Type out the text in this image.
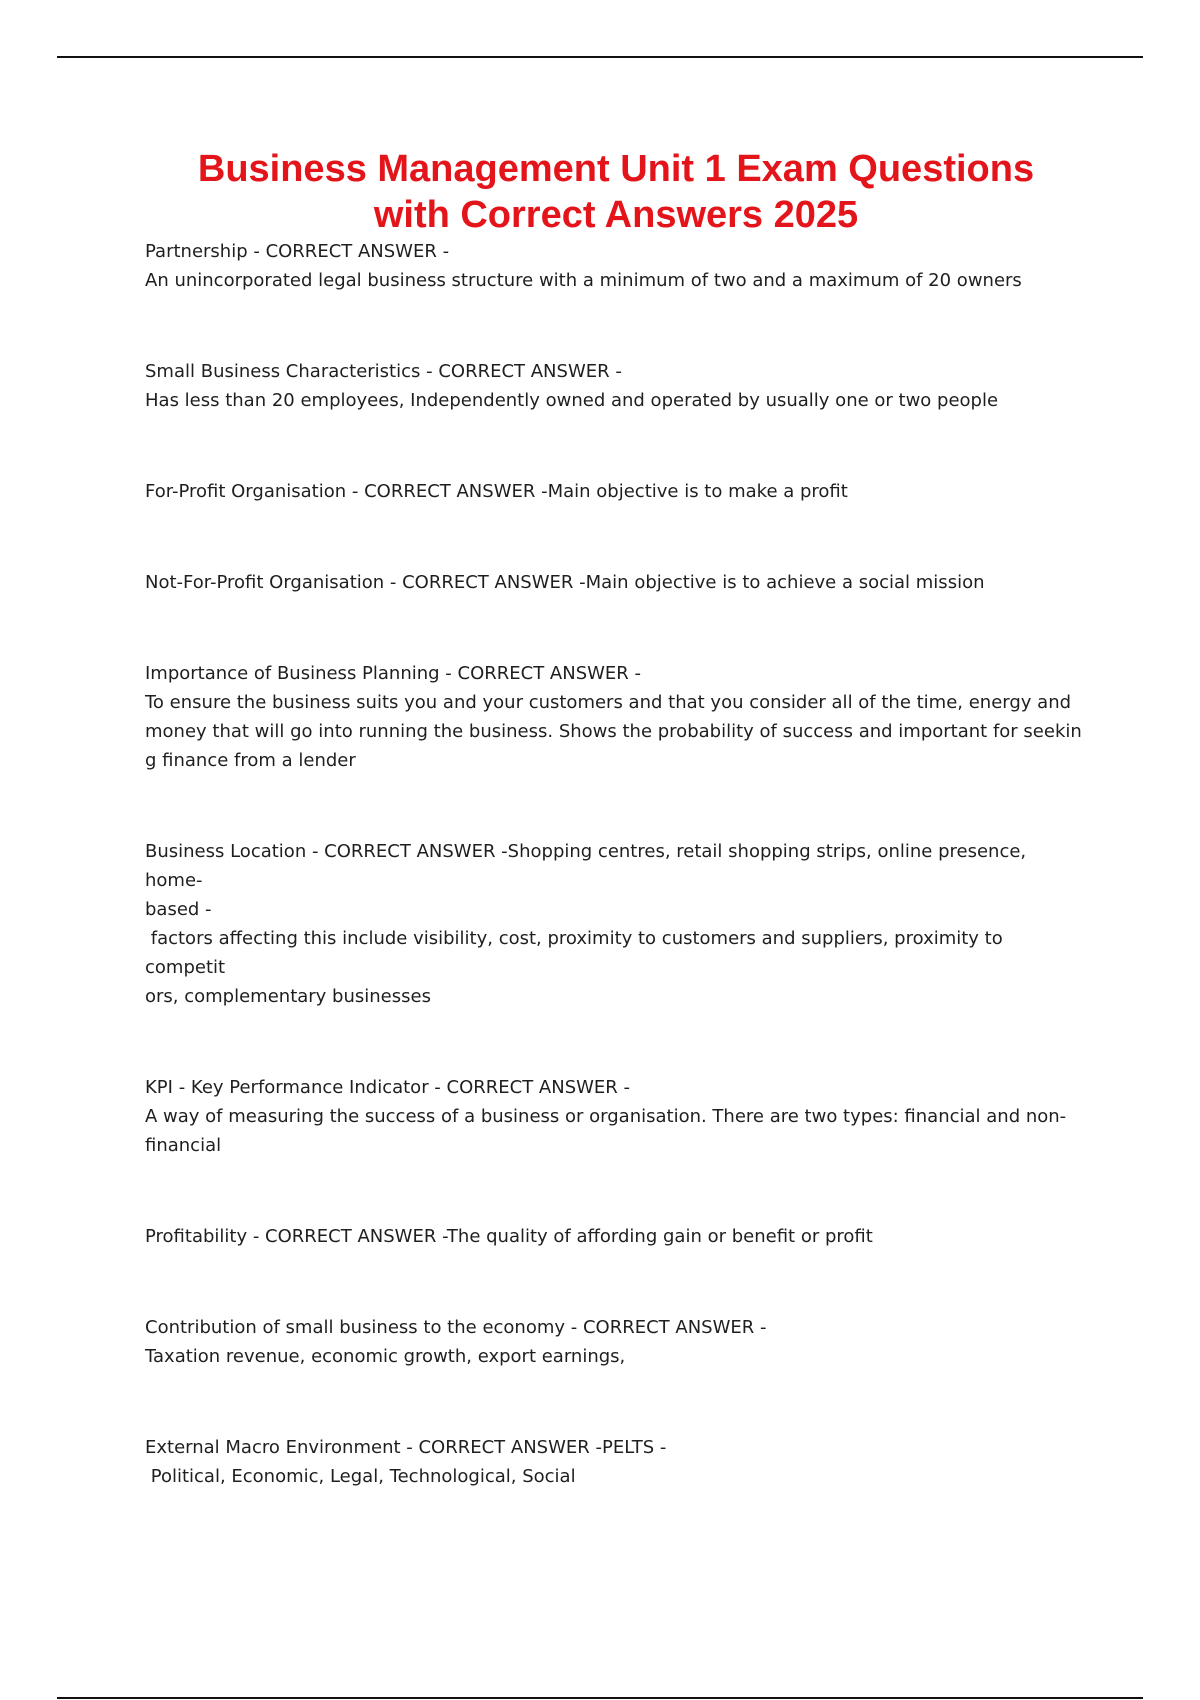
Business Management Unit 1 Exam Questions
with Correct Answers 2025
Partnership - CORRECT ANSWER -
An unincorporated legal business structure with a minimum of two and a maximum of 20 owners
Small Business Characteristics - CORRECT ANSWER -
Has less than 20 employees, Independently owned and operated by usually one or two people
For-Profit Organisation - CORRECT ANSWER -Main objective is to make a profit
Not-For-Profit Organisation - CORRECT ANSWER -Main objective is to achieve a social mission
Importance of Business Planning - CORRECT ANSWER -
To ensure the business suits you and your customers and that you consider all of the time, energy and
money that will go into running the business. Shows the probability of success and important for seekin
g finance from a lender
Business Location - CORRECT ANSWER -Shopping centres, retail shopping strips, online presence, home-
based -
factors affecting this include visibility, cost, proximity to customers and suppliers, proximity to competit
ors, complementary businesses
KPI - Key Performance Indicator - CORRECT ANSWER -
A way of measuring the success of a business or organisation. There are two types: financial and non-
financial
Profitability - CORRECT ANSWER -The quality of affording gain or benefit or profit
Contribution of small business to the economy - CORRECT ANSWER -
Taxation revenue, economic growth, export earnings,
External Macro Environment - CORRECT ANSWER -PELTS -
Political, Economic, Legal, Technological, Social
